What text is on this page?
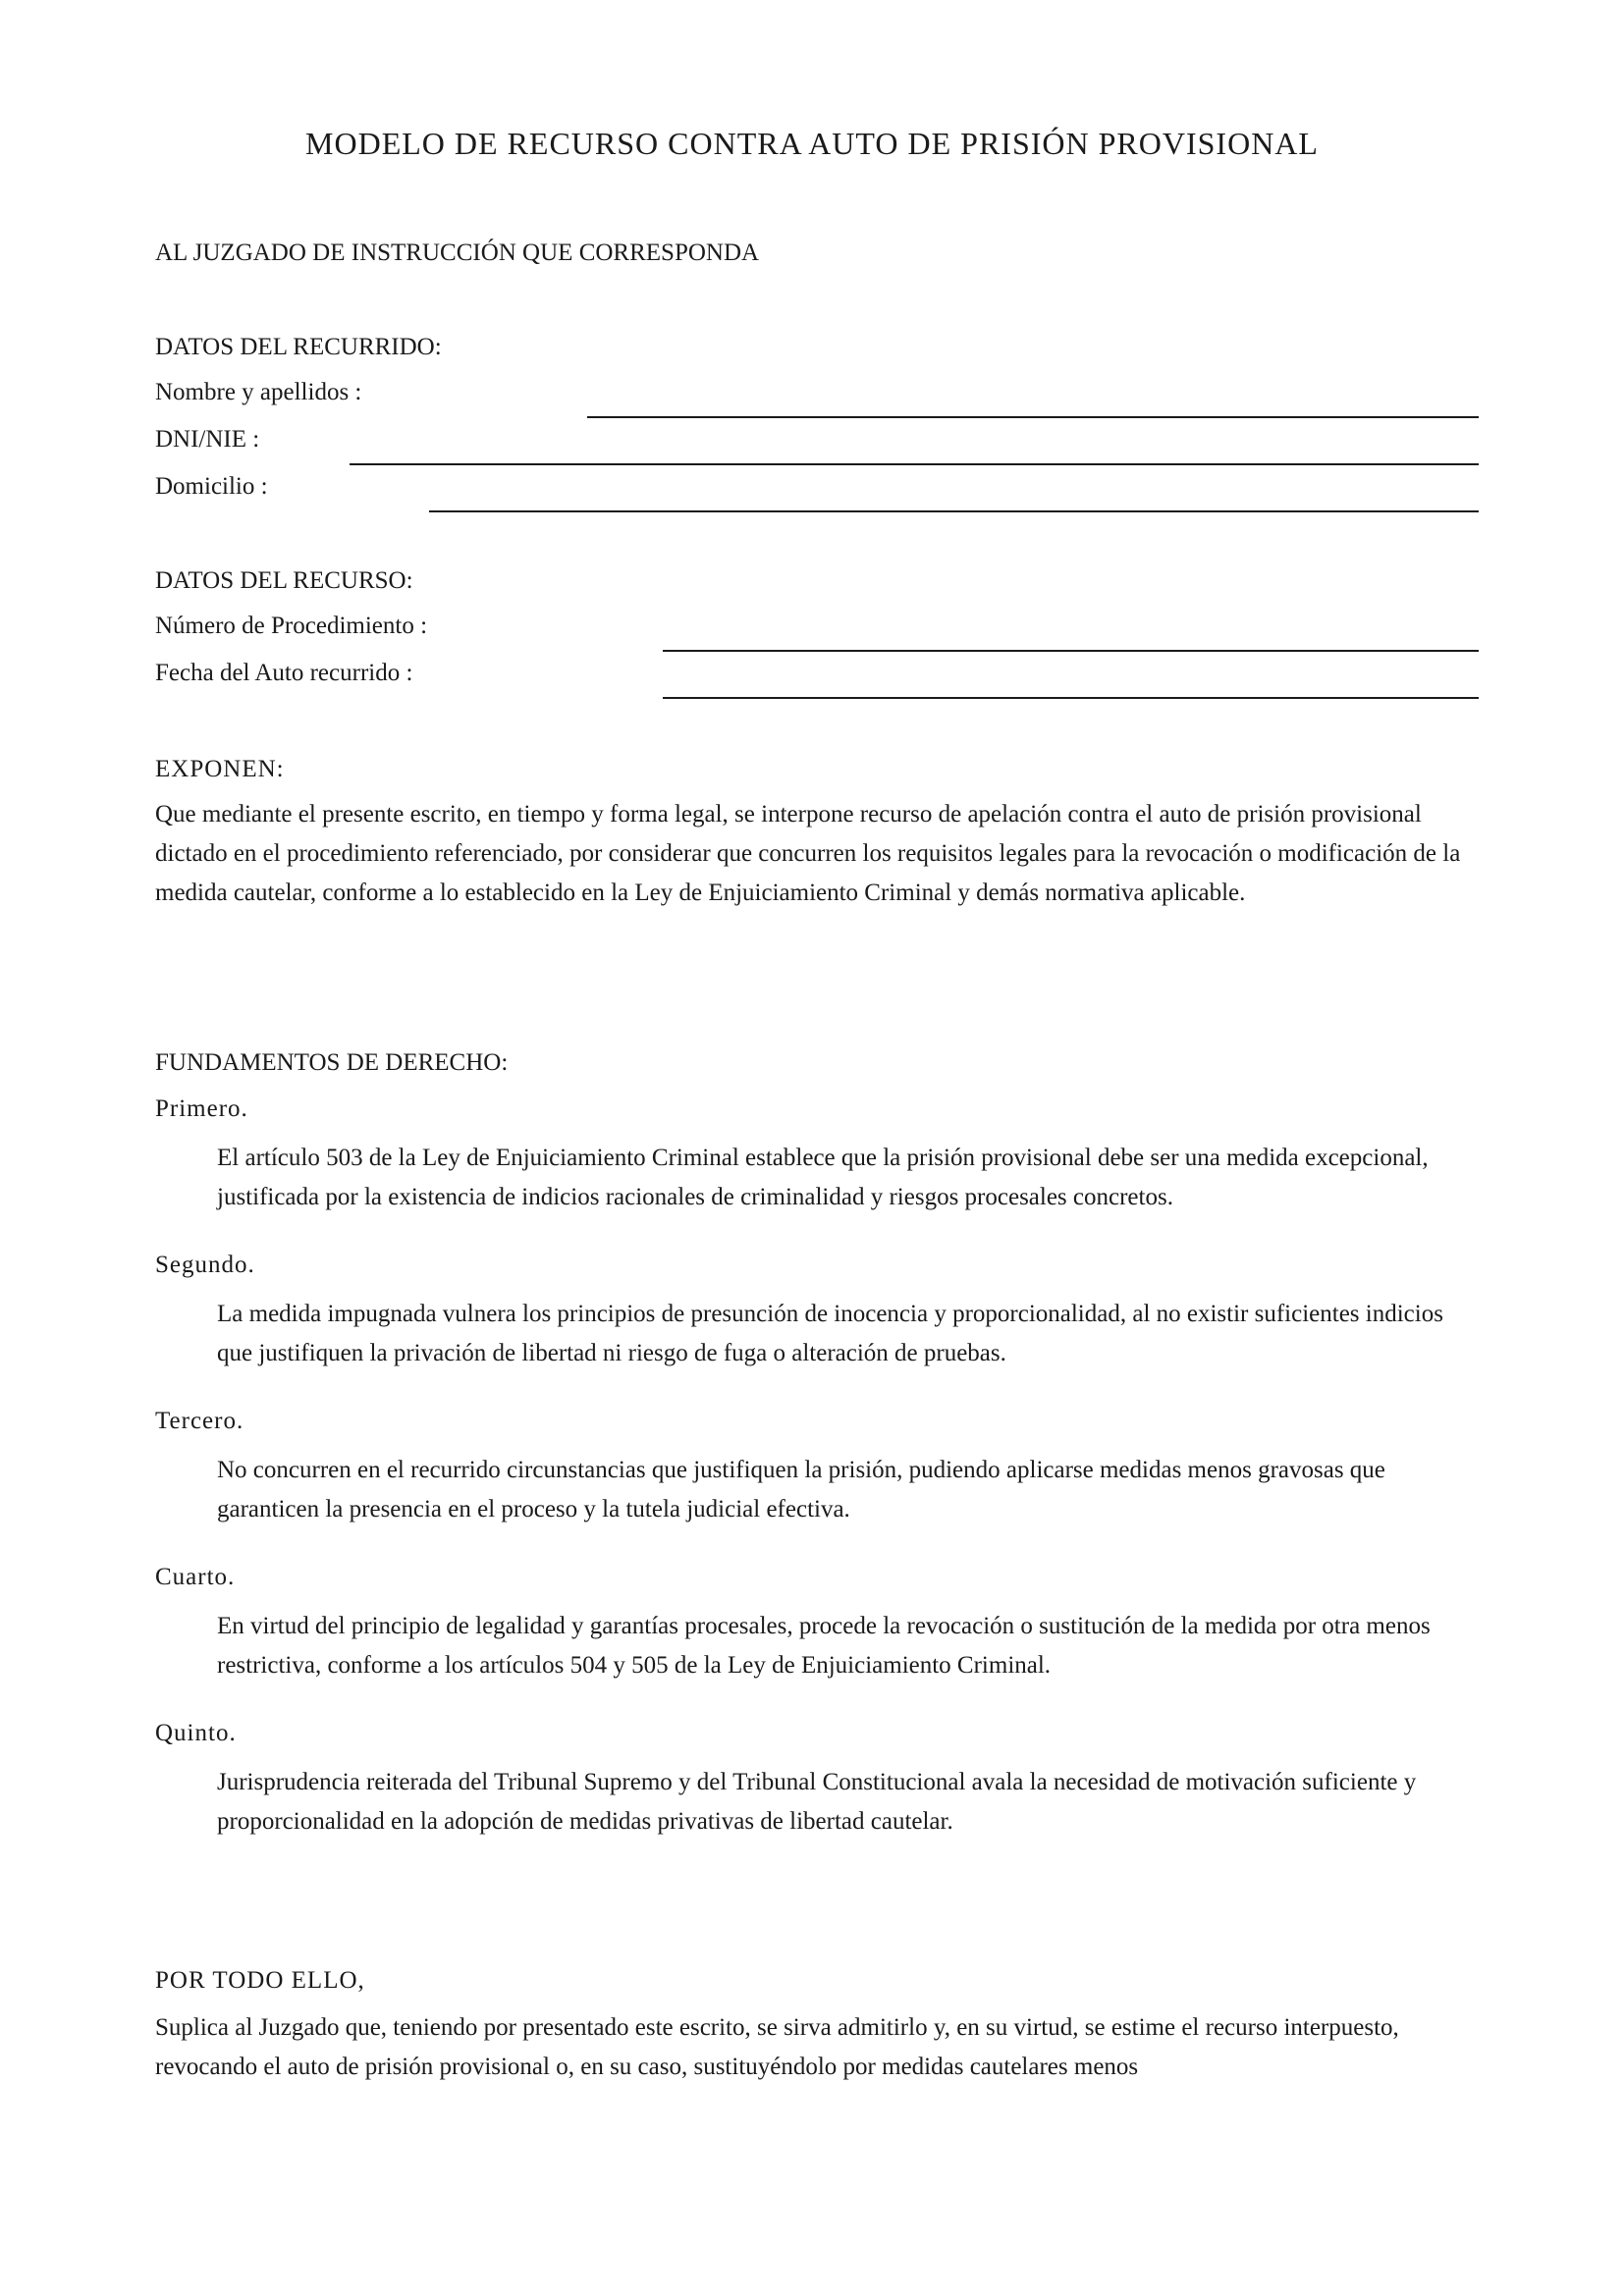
MODELO DE RECURSO CONTRA AUTO DE PRISIÓN PROVISIONAL
AL JUZGADO DE INSTRUCCIÓN QUE CORRESPONDA
DATOS DEL RECURRIDO:
Nombre y apellidos :
DNI/NIE :
Domicilio :
DATOS DEL RECURSO:
Número de Procedimiento :
Fecha del Auto recurrido :
EXPONEN:
Que mediante el presente escrito, en tiempo y forma legal, se interpone recurso de apelación contra el auto de prisión provisional dictado en el procedimiento referenciado, por considerar que concurren los requisitos legales para la revocación o modificación de la medida cautelar, conforme a lo establecido en la Ley de Enjuiciamiento Criminal y demás normativa aplicable.
FUNDAMENTOS DE DERECHO:
Primero.
El artículo 503 de la Ley de Enjuiciamiento Criminal establece que la prisión provisional debe ser una medida excepcional, justificada por la existencia de indicios racionales de criminalidad y riesgos procesales concretos.
Segundo.
La medida impugnada vulnera los principios de presunción de inocencia y proporcionalidad, al no existir suficientes indicios que justifiquen la privación de libertad ni riesgo de fuga o alteración de pruebas.
Tercero.
No concurren en el recurrido circunstancias que justifiquen la prisión, pudiendo aplicarse medidas menos gravosas que garanticen la presencia en el proceso y la tutela judicial efectiva.
Cuarto.
En virtud del principio de legalidad y garantías procesales, procede la revocación o sustitución de la medida por otra menos restrictiva, conforme a los artículos 504 y 505 de la Ley de Enjuiciamiento Criminal.
Quinto.
Jurisprudencia reiterada del Tribunal Supremo y del Tribunal Constitucional avala la necesidad de motivación suficiente y proporcionalidad en la adopción de medidas privativas de libertad cautelar.
POR TODO ELLO,
Suplica al Juzgado que, teniendo por presentado este escrito, se sirva admitirlo y, en su virtud, se estime el recurso interpuesto, revocando el auto de prisión provisional o, en su caso, sustituyéndolo por medidas cautelares menos
